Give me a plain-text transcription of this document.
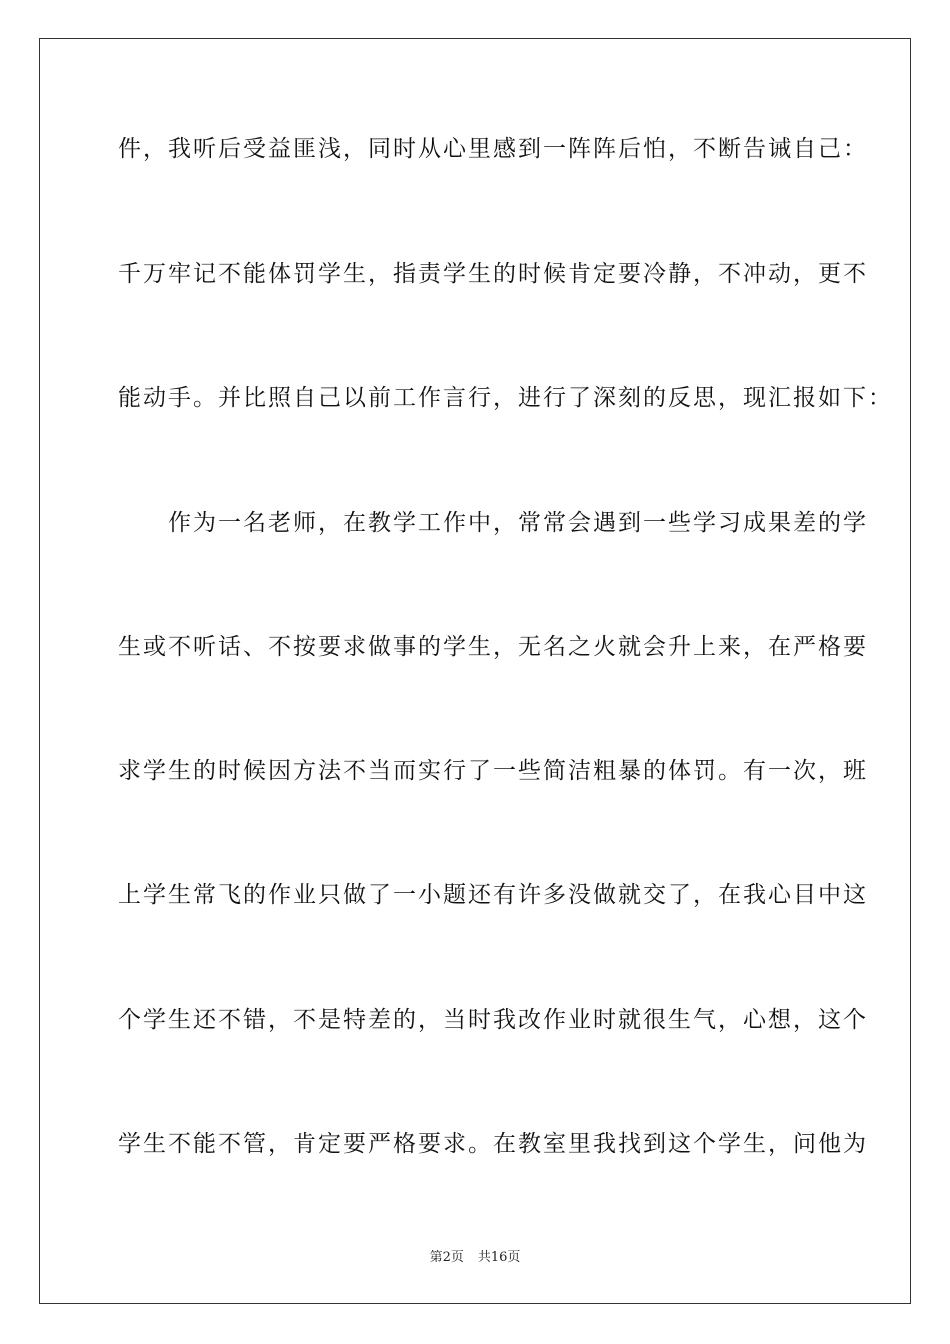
件，我听后受益匪浅，同时从心里感到一阵阵后怕，不断告诫自己：
千万牢记不能体罚学生，指责学生的时候肯定要冷静，不冲动，更不
能动手。并比照自己以前工作言行，进行了深刻的反思，现汇报如下：
　　作为一名老师，在教学工作中，常常会遇到一些学习成果差的学
生或不听话、不按要求做事的学生，无名之火就会升上来，在严格要
求学生的时候因方法不当而实行了一些简洁粗暴的体罚。有一次，班
上学生常飞的作业只做了一小题还有许多没做就交了，在我心目中这
个学生还不错，不是特差的，当时我改作业时就很生气，心想，这个
学生不能不管，肯定要严格要求。在教室里我找到这个学生，问他为
第2页 共16页
